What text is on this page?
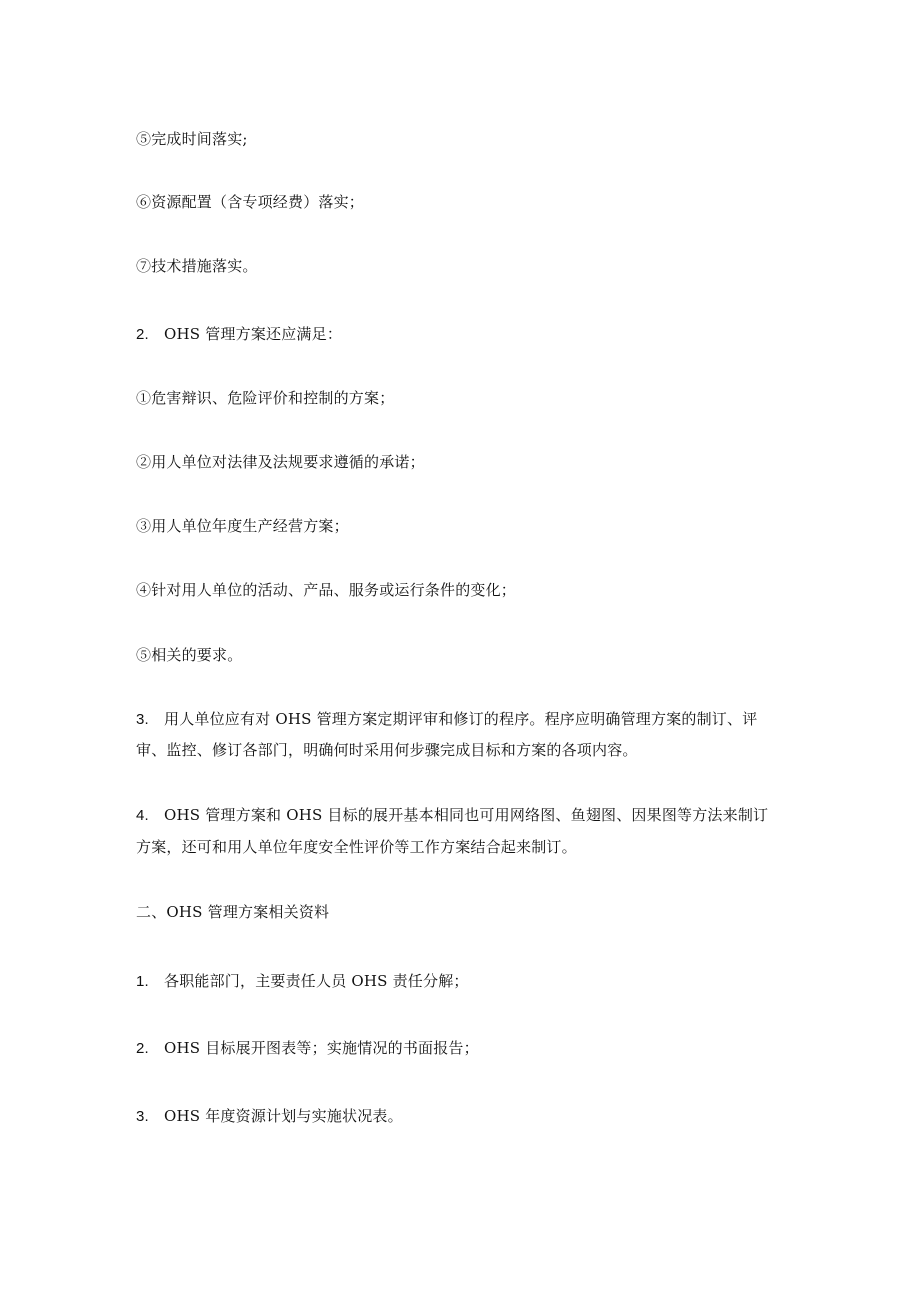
⑤完成时间落实;
⑥资源配置（含专项经费）落实；
⑦技术措施落实。
2. OHS 管理方案还应满足：
①危害辩识、危险评价和控制的方案；
②用人单位对法律及法规要求遵循的承诺；
③用人单位年度生产经营方案；
④针对用人单位的活动、产品、服务或运行条件的变化；
⑤相关的要求。
3. 用人单位应有对 OHS 管理方案定期评审和修订的程序。程序应明确管理方案的制订、评
审、监控、修订各部门，明确何时采用何步骤完成目标和方案的各项内容。
4. OHS 管理方案和 OHS 目标的展开基本相同也可用网络图、鱼翅图、因果图等方法来制订
方案，还可和用人单位年度安全性评价等工作方案结合起来制订。
二、OHS 管理方案相关资料
1. 各职能部门，主要责任人员 OHS 责任分解；
2. OHS 目标展开图表等；实施情况的书面报告；
3. OHS 年度资源计划与实施状况表。
